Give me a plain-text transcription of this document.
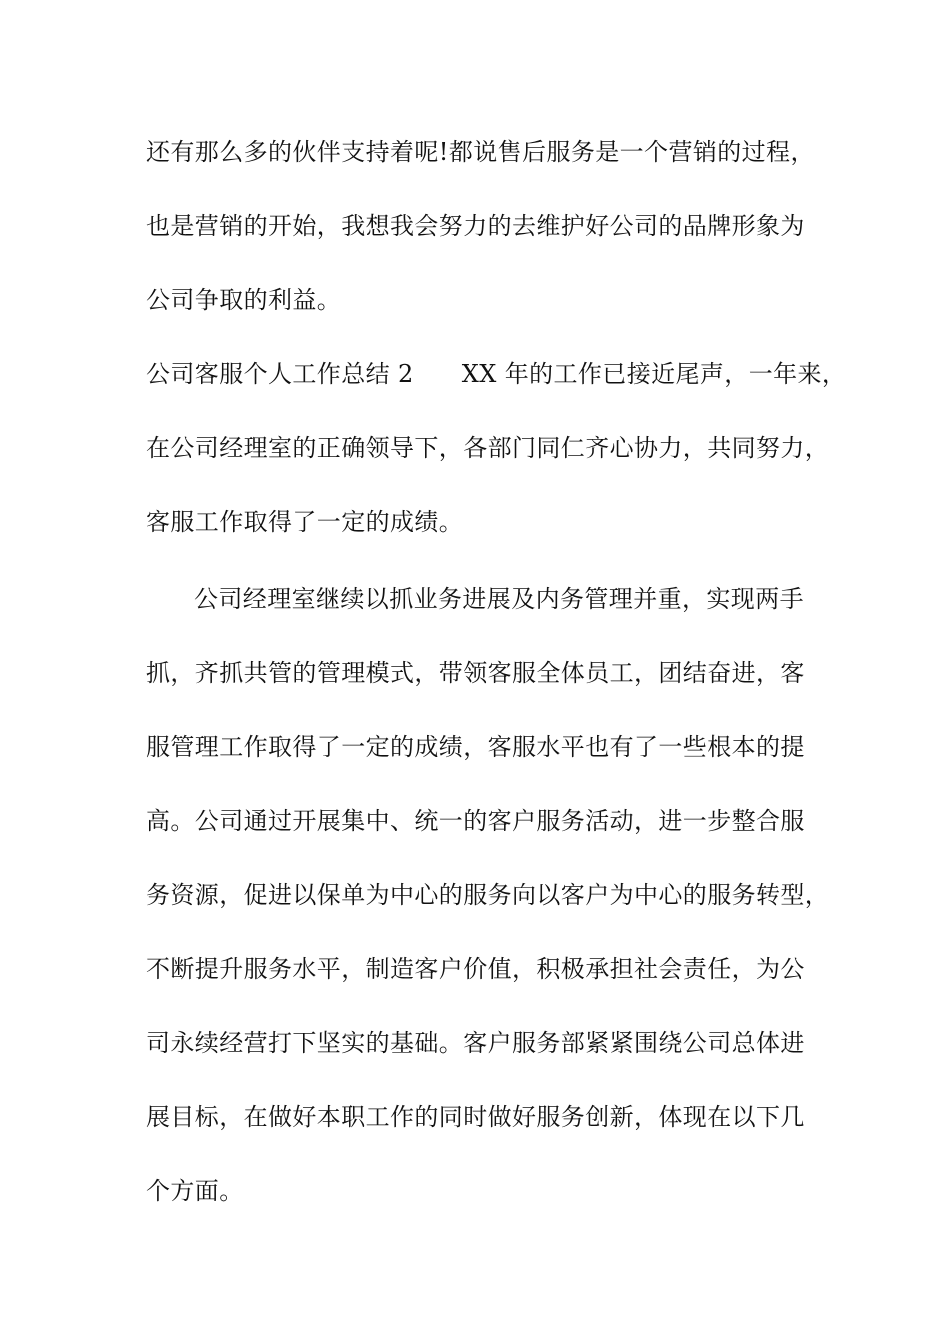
还有那么多的伙伴支持着呢!都说售后服务是一个营销的过程，
也是营销的开始，我想我会努力的去维护好公司的品牌形象为
公司争取的利益。
公司客服个人工作总结 2 XX 年的工作已接近尾声，一年来，
在公司经理室的正确领导下，各部门同仁齐心协力，共同努力，
客服工作取得了一定的成绩。
公司经理室继续以抓业务进展及内务管理并重，实现两手
抓，齐抓共管的管理模式，带领客服全体员工，团结奋进，客
服管理工作取得了一定的成绩，客服水平也有了一些根本的提
高。公司通过开展集中、统一的客户服务活动，进一步整合服
务资源，促进以保单为中心的服务向以客户为中心的服务转型，
不断提升服务水平，制造客户价值，积极承担社会责任，为公
司永续经营打下坚实的基础。客户服务部紧紧围绕公司总体进
展目标，在做好本职工作的同时做好服务创新，体现在以下几
个方面。
